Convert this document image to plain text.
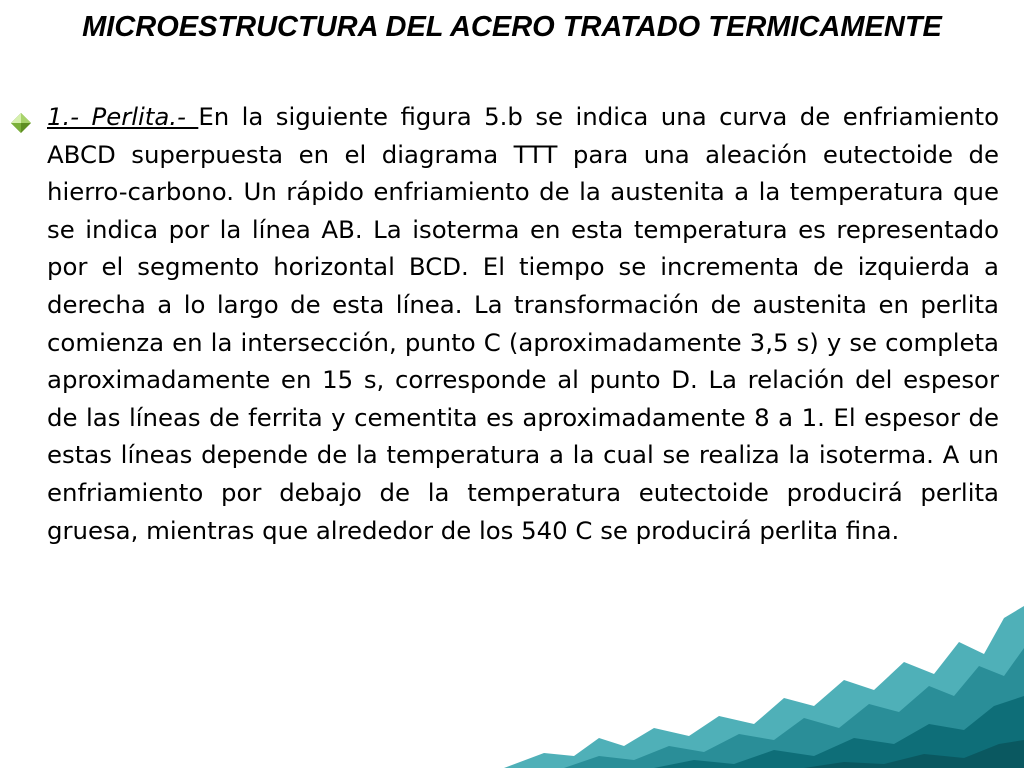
MICROESTRUCTURA DEL ACERO TRATADO TERMICAMENTE
1.- Perlita.- En la siguiente figura 5.b se indica una curva de enfriamiento ABCD superpuesta en el diagrama TTT para una aleación eutectoide de hierro-carbono. Un rápido enfriamiento de la austenita a la temperatura que se indica por la línea AB. La isoterma en esta temperatura es representado por el segmento horizontal BCD. El tiempo se incrementa de izquierda a derecha a lo largo de esta línea. La transformación de austenita en perlita comienza en la intersección, punto C (aproximadamente 3,5 s) y se completa aproximadamente en 15 s, corresponde al punto D. La relación del espesor de las líneas de ferrita y cementita es aproximadamente 8 a 1. El espesor de estas líneas depende de la temperatura a la cual se realiza la isoterma. A un enfriamiento por debajo de la temperatura eutectoide producirá perlita gruesa, mientras que alrededor de los 540 C se producirá perlita fina.
